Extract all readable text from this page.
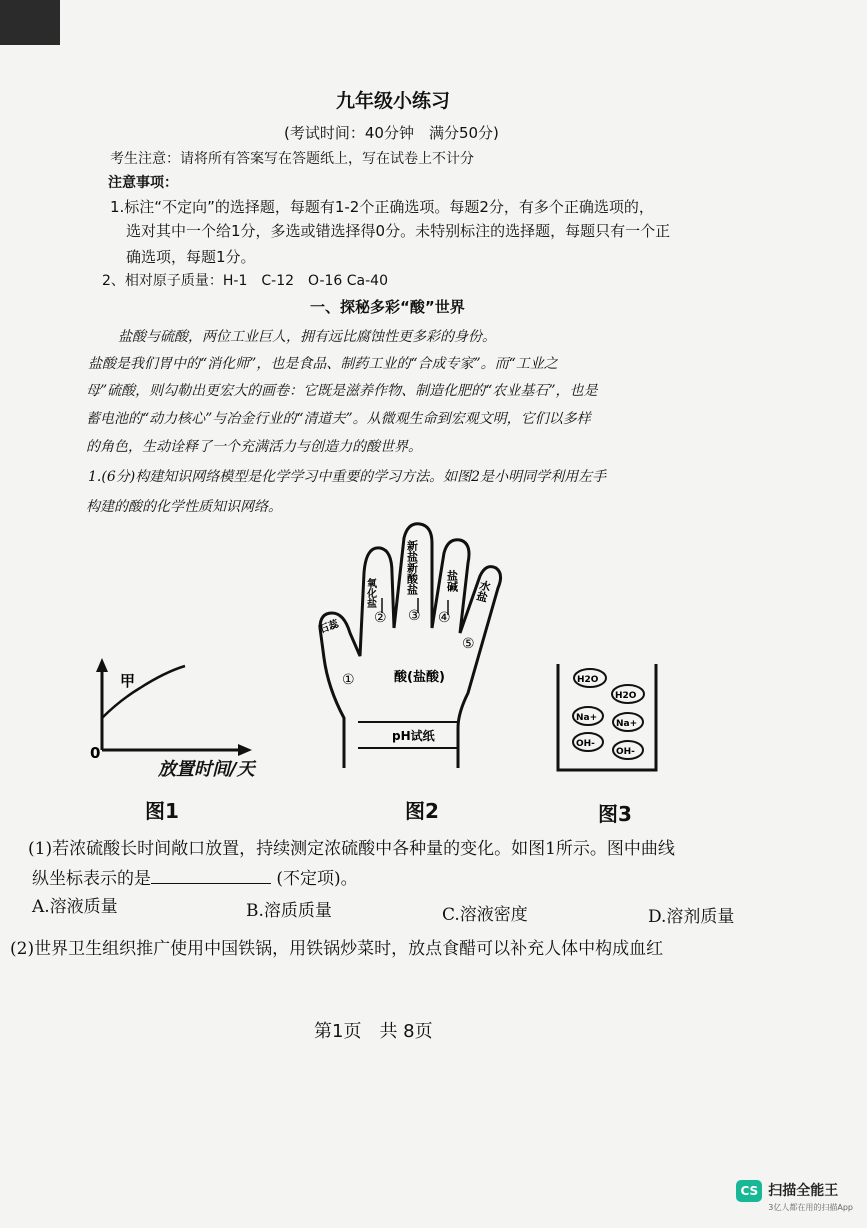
九年级小练习
(考试时间：40分钟　满分50分)
考生注意：请将所有答案写在答题纸上，写在试卷上不计分
注意事项：
1.标注“不定向”的选择题，每题有1-2个正确选项。每题2分，有多个正确选项的，
选对其中一个给1分，多选或错选择得0分。未特别标注的选择题，每题只有一个正
确选项，每题1分。
2、相对原子质量：H-1　C-12　O-16 Ca-40
一、探秘多彩“酸”世界
盐酸与硫酸，两位工业巨人，拥有远比腐蚀性更多彩的身份。
盐酸是我们胃中的“消化师”，也是食品、制药工业的“合成专家”。而“工业之
母”硫酸，则勾勒出更宏大的画卷：它既是滋养作物、制造化肥的“农业基石”，也是
蓄电池的“动力核心”与冶金行业的“清道夫”。从微观生命到宏观文明，它们以多样
的角色，生动诠释了一个充满活力与创造力的酸世界。
1.(6分)构建知识网络模型是化学学习中重要的学习方法。如图2是小明同学利用左手
构建的酸的化学性质知识网络。
甲
0
放置时间/天
图1
石蕊
氧化盐	新盐新酸盐 盐碱 水盐
①
② ③ ④
⑤
酸(盐酸)
pH试纸
图2
H2O
H2O
Na+
Na+
OH-
OH-
图3
(1)若浓硫酸长时间敞口放置，持续测定浓硫酸中各种量的变化。如图1所示。图中曲线
纵坐标表示的是	(不定项)。
A.溶液质量	B.溶质质量	C.溶液密度	D.溶剂质量
(2)世界卫生组织推广使用中国铁锅，用铁锅炒菜时，放点食醋可以补充人体中构成血红
第1页　共 8页
CS 扫描全能王
3亿人都在用的扫描App
